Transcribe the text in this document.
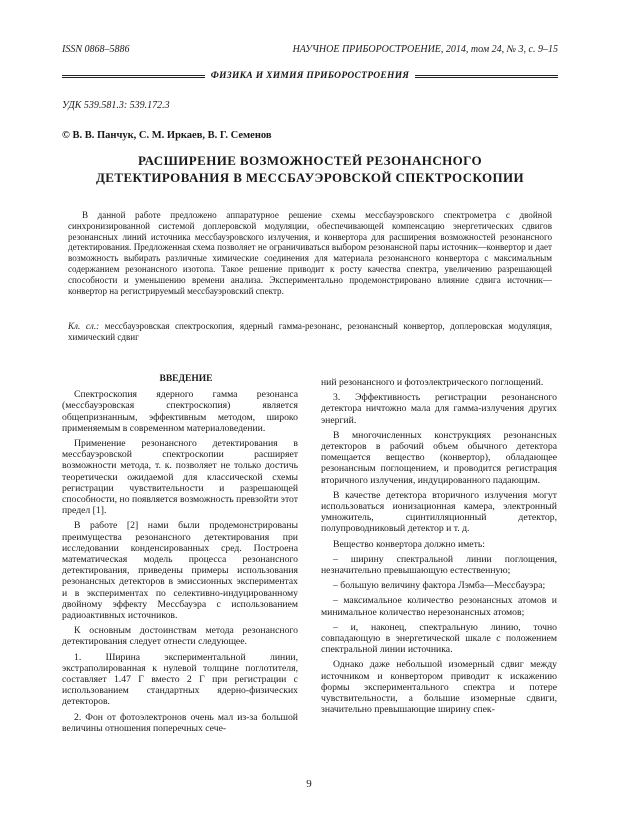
ISSN 0868–5886	НАУЧНОЕ ПРИБОРОСТРОЕНИЕ, 2014, том 24, № 3, с. 9–15
ФИЗИКА И ХИМИЯ ПРИБОРОСТРОЕНИЯ
УДК 539.581.3: 539.172.3
© В. В. Панчук, С. М. Иркаев, В. Г. Семенов
РАСШИРЕНИЕ ВОЗМОЖНОСТЕЙ РЕЗОНАНСНОГО ДЕТЕКТИРОВАНИЯ В МЕССБАУЭРОВСКОЙ СПЕКТРОСКОПИИ
В данной работе предложено аппаратурное решение схемы мессбауэровского спектрометра с двойной синхронизированной системой доплеровской модуляции, обеспечивающей компенсацию энергетических сдвигов резонансных линий источника мессбауэровского излучения, и конвертора для расширения возможностей резонансного детектирования. Предложенная схема позволяет не ограничиваться выбором резонансной пары источник—конвертор и дает возможность выбирать различные химические соединения для материала резонансного конвертора с максимальным содержанием резонансного изотопа. Такое решение приводит к росту качества спектра, увеличению разрешающей способности и уменьшению времени анализа. Экспериментально продемонстрировано влияние сдвига источник—конвертор на регистрируемый мессбауэровский спектр.
Кл. сл.: мессбауэровская спектроскопия, ядерный гамма-резонанс, резонансный конвертор, доплеровская модуляция, химический сдвиг

ВВЕДЕНИЕ

Спектроскопия ядерного гамма резонанса (мессбауэровская спектроскопия) является общепризнанным, эффективным методом, широко применяемым в современном материаловедении.

Применение резонансного детектирования в мессбауэровской спектроскопии расширяет возможности метода, т. к. позволяет не только достичь теоретически ожидаемой для классической схемы регистрации чувствительности и разрешающей способности, но появляется возможность превзойти этот предел [1].

В работе [2] нами были продемонстрированы преимущества резонансного детектирования при исследовании конденсированных сред. Построена математическая модель процесса резонансного детектирования, приведены примеры использования резонансных детекторов в эмиссионных экспериментах и в экспериментах по селективно-индуцированному двойному эффекту Мессбауэра с использованием радиоактивных источников.

К основным достоинствам метода резонансного детектирования следует отнести следующее.

1. Ширина экспериментальной линии, экстраполированная к нулевой толщине поглотителя, составляет 1.47 Г вместо 2 Г при регистрации с использованием стандартных ядерно-физических детекторов.

2. Фон от фотоэлектронов очень мал из-за большой величины отношения поперечных сече-

ний резонансного и фотоэлектрического поглощений.

3. Эффективность регистрации резонансного детектора ничтожно мала для гамма-излучения других энергий.

В многочисленных конструкциях резонансных детекторов в рабочий объем обычного детектора помещается вещество (конвертор), обладающее резонансным поглощением, и проводится регистрация вторичного излучения, индуцированного падающим.

В качестве детектора вторичного излучения могут использоваться ионизационная камера, электронный умножитель, сцинтилляционный детектор, полупроводниковый детектор и т. д.

Вещество конвертора должно иметь:

– ширину спектральной линии поглощения, незначительно превышающую естественную;

– большую величину фактора Лэмба—Мессбауэра;

– максимальное количество резонансных атомов и минимальное количество нерезонансных атомов;

– и, наконец, спектральную линию, точно совпадающую в энергетической шкале с положением спектральной линии источника.

Однако даже небольшой изомерный сдвиг между источником и конвертором приводит к искажению формы экспериментального спектра и потере чувствительности, а большие изомерные сдвиги, значительно превышающие ширину спек-

9
